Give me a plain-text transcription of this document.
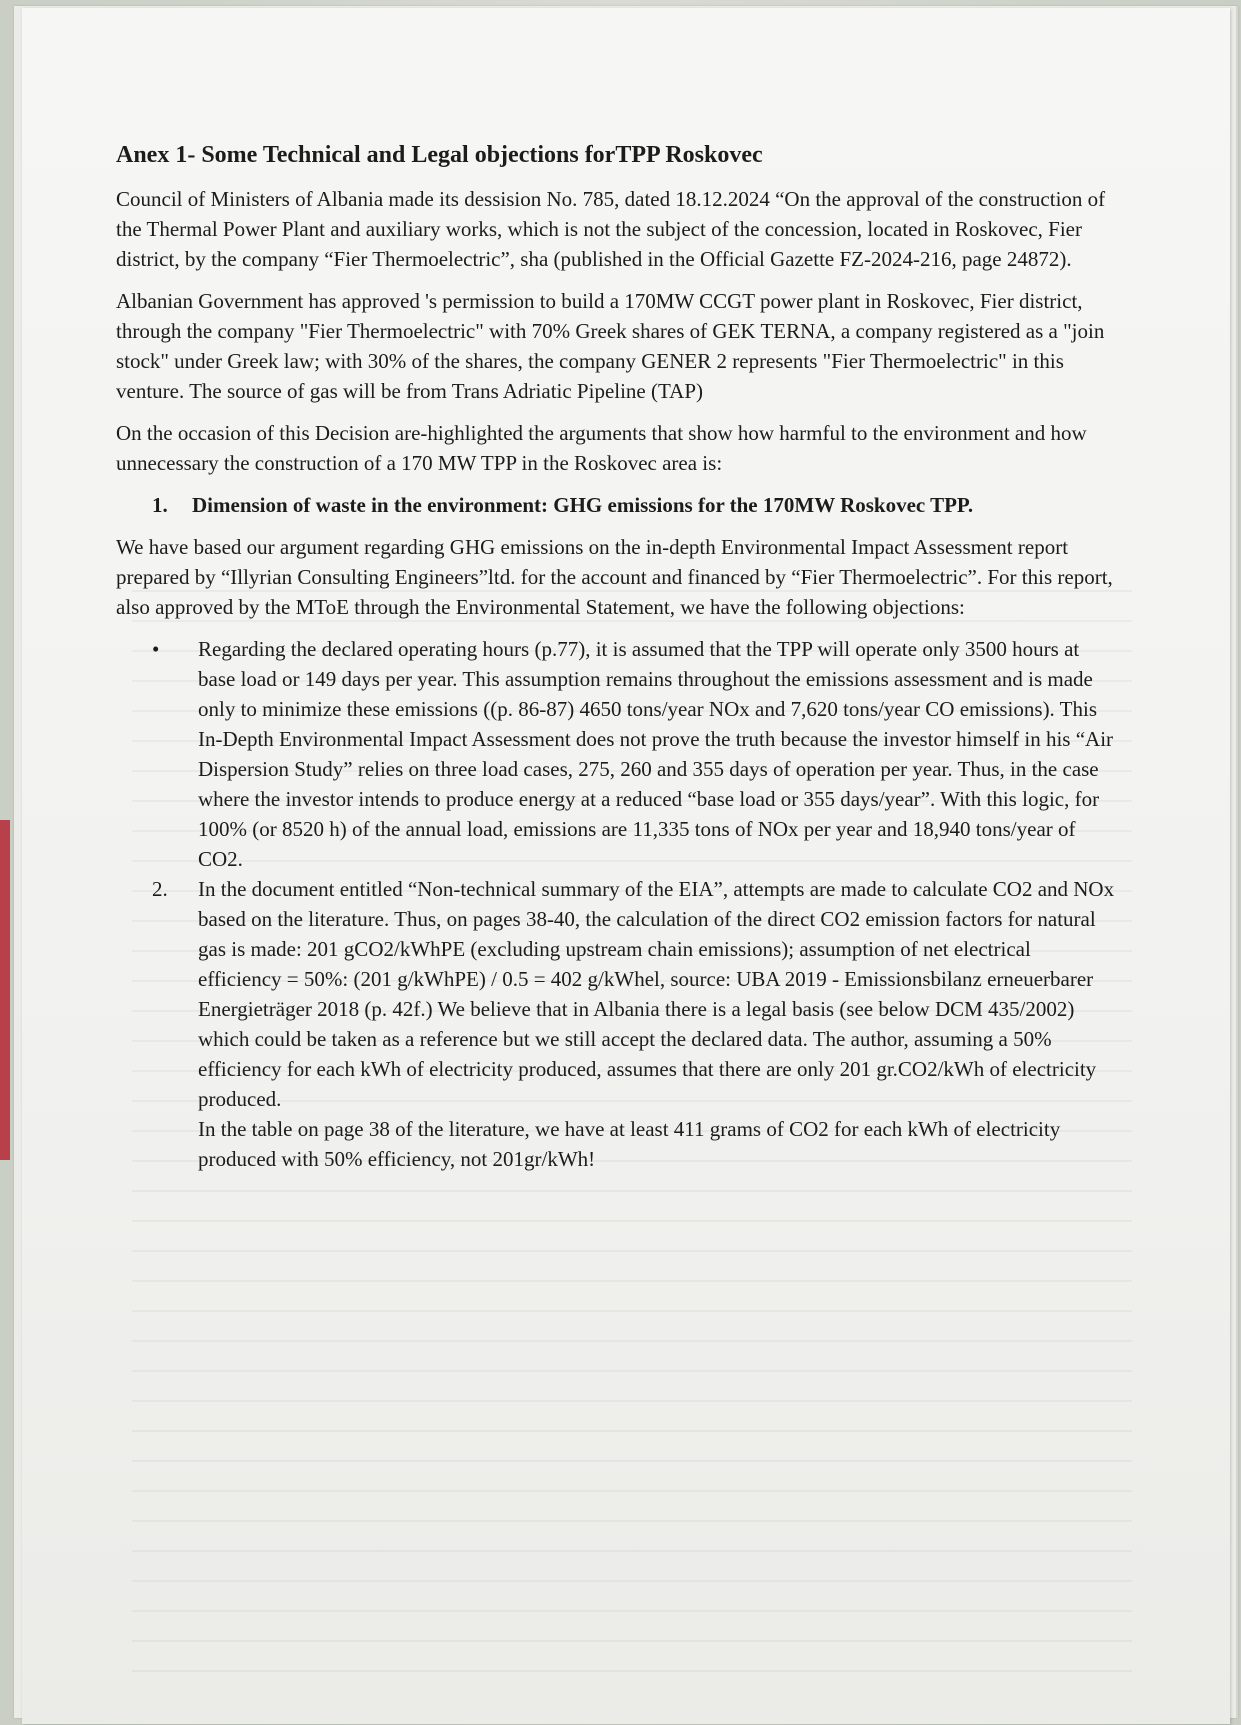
Anex 1- Some Technical and Legal objections forTPP Roskovec

Council of Ministers of Albania made its dessision No. 785, dated 18.12.2024 “On the approval of the construction of the Thermal Power Plant and auxiliary works, which is not the subject of the concession, located in Roskovec, Fier district, by the company “Fier Thermoelectric”, sha (published in the Official Gazette FZ-2024-216, page 24872).

Albanian Government has approved 's permission to build a 170MW CCGT power plant in Roskovec, Fier district, through the company "Fier Thermoelectric" with 70% Greek shares of GEK TERNA, a company registered as a "join stock" under Greek law; with 30% of the shares, the company GENER 2 represents "Fier Thermoelectric" in this venture. The source of gas will be from Trans Adriatic Pipeline (TAP)

On the occasion of this Decision are-highlighted the arguments that show how harmful to the environment and how unnecessary the construction of a 170 MW TPP in the Roskovec area is:

1.	Dimension of waste in the environment: GHG emissions for the 170MW Roskovec TPP.

We have based our argument regarding GHG emissions on the in-depth Environmental Impact Assessment report prepared by “Illyrian Consulting Engineers”ltd. for the account and financed by “Fier Thermoelectric”. For this report, also approved by the MToE through the Environmental Statement, we have the following objections:

•	Regarding the declared operating hours (p.77), it is assumed that the TPP will operate only 3500 hours at base load or 149 days per year. This assumption remains throughout the emissions assessment and is made only to minimize these emissions ((p. 86-87) 4650 tons/year NOx and 7,620 tons/year CO emissions). This In-Depth Environmental Impact Assessment does not prove the truth because the investor himself in his “Air Dispersion Study” relies on three load cases, 275, 260 and 355 days of operation per year. Thus, in the case where the investor intends to produce energy at a reduced “base load or 355 days/year”. With this logic, for 100% (or 8520 h) of the annual load, emissions are 11,335 tons of NOx per year and 18,940 tons/year of CO2.
2.	In the document entitled “Non-technical summary of the EIA”, attempts are made to calculate CO2 and NOx based on the literature. Thus, on pages 38-40, the calculation of the direct CO2 emission factors for natural gas is made: 201 gCO2/kWhPE (excluding upstream chain emissions); assumption of net electrical efficiency = 50%: (201 g/kWhPE) / 0.5 = 402 g/kWhel, source: UBA 2019 - Emissionsbilanz erneuerbarer Energieträger 2018 (p. 42f.) We believe that in Albania there is a legal basis (see below DCM 435/2002) which could be taken as a reference but we still accept the declared data. The author, assuming a 50% efficiency for each kWh of electricity produced, assumes that there are only 201 gr.CO2/kWh of electricity produced.

In the table on page 38 of the literature, we have at least 411 grams of CO2 for each kWh of electricity produced with 50% efficiency, not 201gr/kWh!
